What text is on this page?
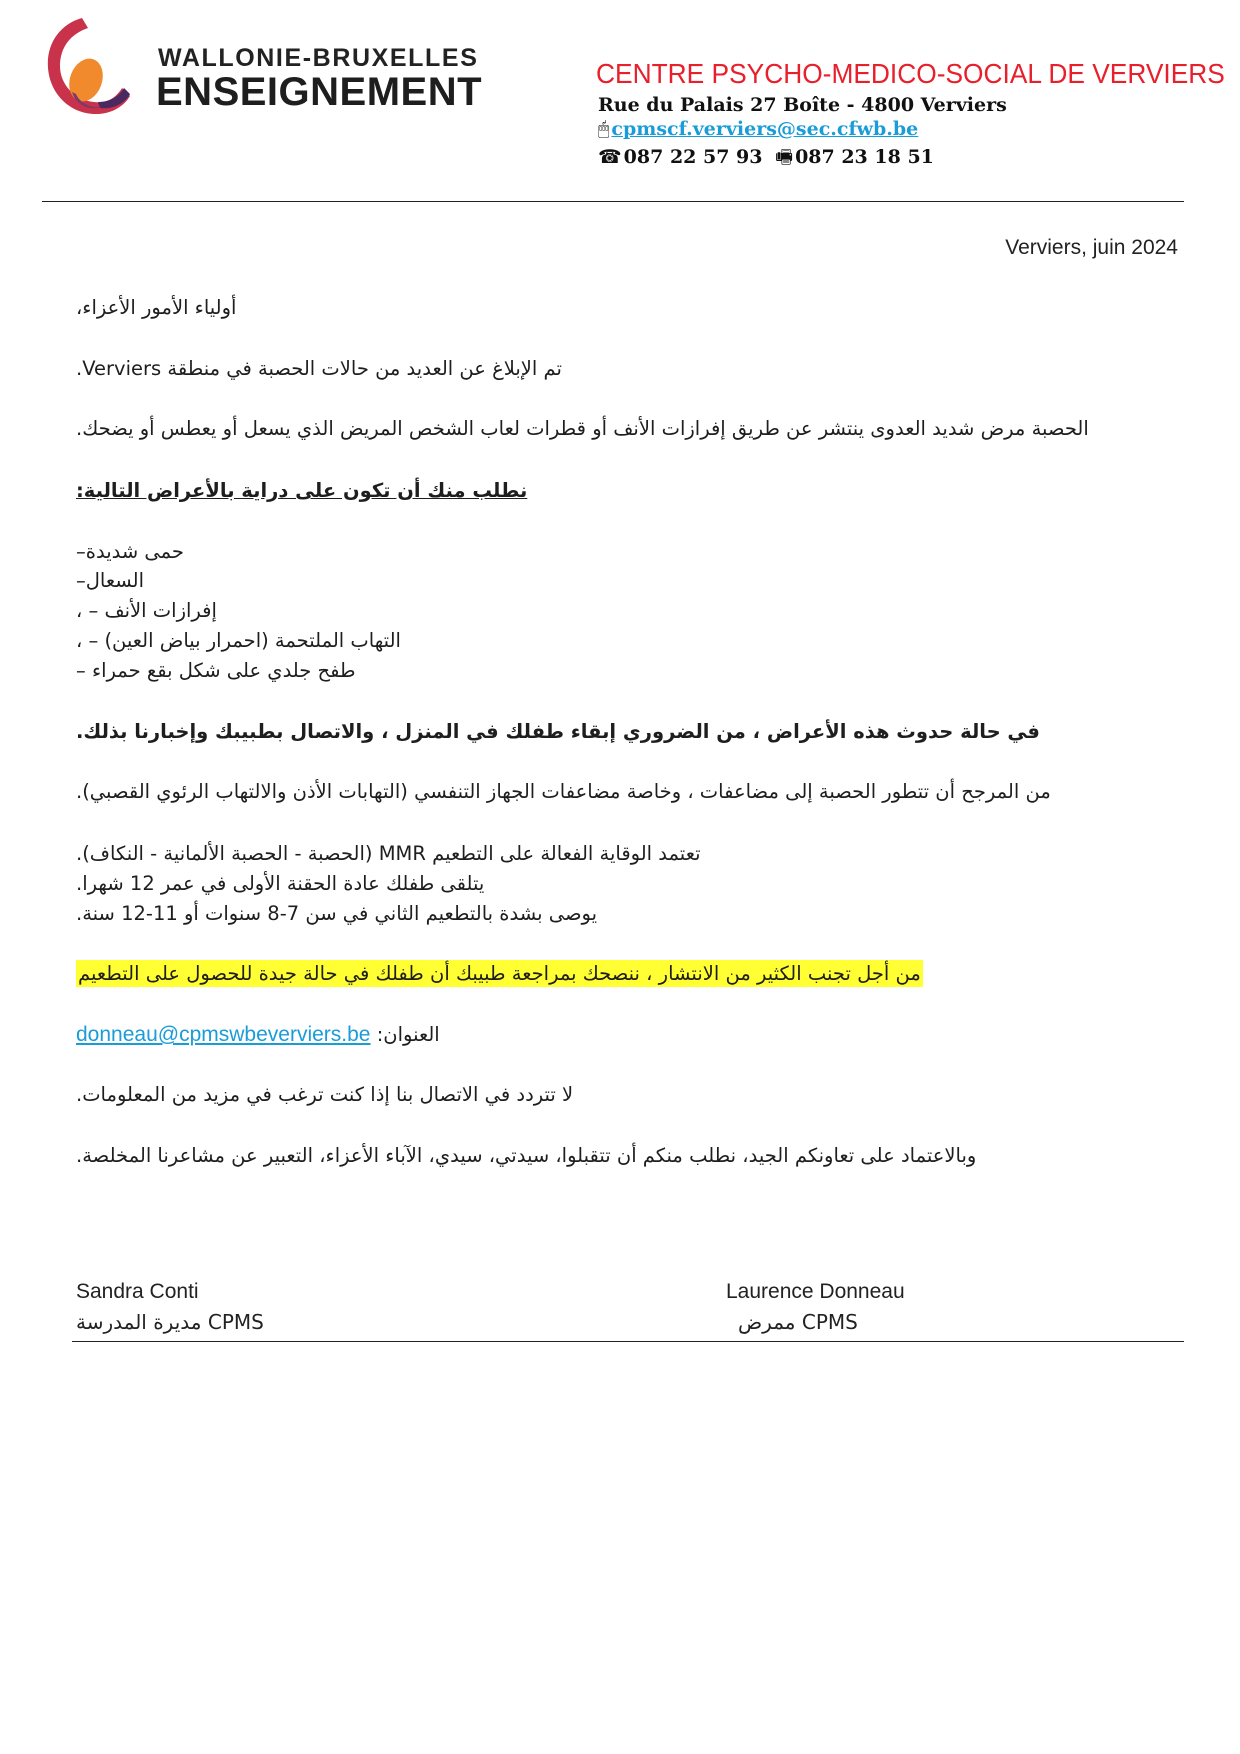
WALLONIE-BRUXELLES
ENSEIGNEMENT	CENTRE PSYCHO-MEDICO-SOCIAL DE VERVIERS
Rue du Palais 27 Boîte - 4800 Verviers
🖱 cpmscf.verviers@sec.cfwb.be
☎ 087 22 57 93 🖷 087 23 18 51
Verviers, juin 2024
أولياء الأمور الأعزاء،
تم الإبلاغ عن العديد من حالات الحصبة في منطقة Verviers.
الحصبة مرض شديد العدوى ينتشر عن طريق إفرازات الأنف أو قطرات لعاب الشخص المريض الذي يسعل أو يعطس أو يضحك.
نطلب منك أن تكون على دراية بالأعراض التالية:
حمى شديدة–
السعال–
إفرازات الأنف – ،
التهاب الملتحمة (احمرار بياض العين) – ،
طفح جلدي على شكل بقع حمراء –
في حالة حدوث هذه الأعراض ، من الضروري إبقاء طفلك في المنزل ، والاتصال بطبيبك وإخبارنا بذلك.
من المرجح أن تتطور الحصبة إلى مضاعفات ، وخاصة مضاعفات الجهاز التنفسي (التهابات الأذن والالتهاب الرئوي القصبي).
تعتمد الوقاية الفعالة على التطعيم MMR (الحصبة - الحصبة الألمانية - النكاف).
يتلقى طفلك عادة الحقنة الأولى في عمر 12 شهرا.
يوصى بشدة بالتطعيم الثاني في سن 7-8 سنوات أو 11-12 سنة.
من أجل تجنب الكثير من الانتشار ، ننصحك بمراجعة طبيبك أن طفلك في حالة جيدة للحصول على التطعيم
العنوان: donneau@cpmswbeverviers.be
لا تتردد في الاتصال بنا إذا كنت ترغب في مزيد من المعلومات.
وبالاعتماد على تعاونكم الجيد، نطلب منكم أن تتقبلوا، سيدتي، سيدي، الآباء الأعزاء، التعبير عن مشاعرنا المخلصة.
Sandra Conti
مديرة المدرسة CPMS
Laurence Donneau
ممرض CPMS
